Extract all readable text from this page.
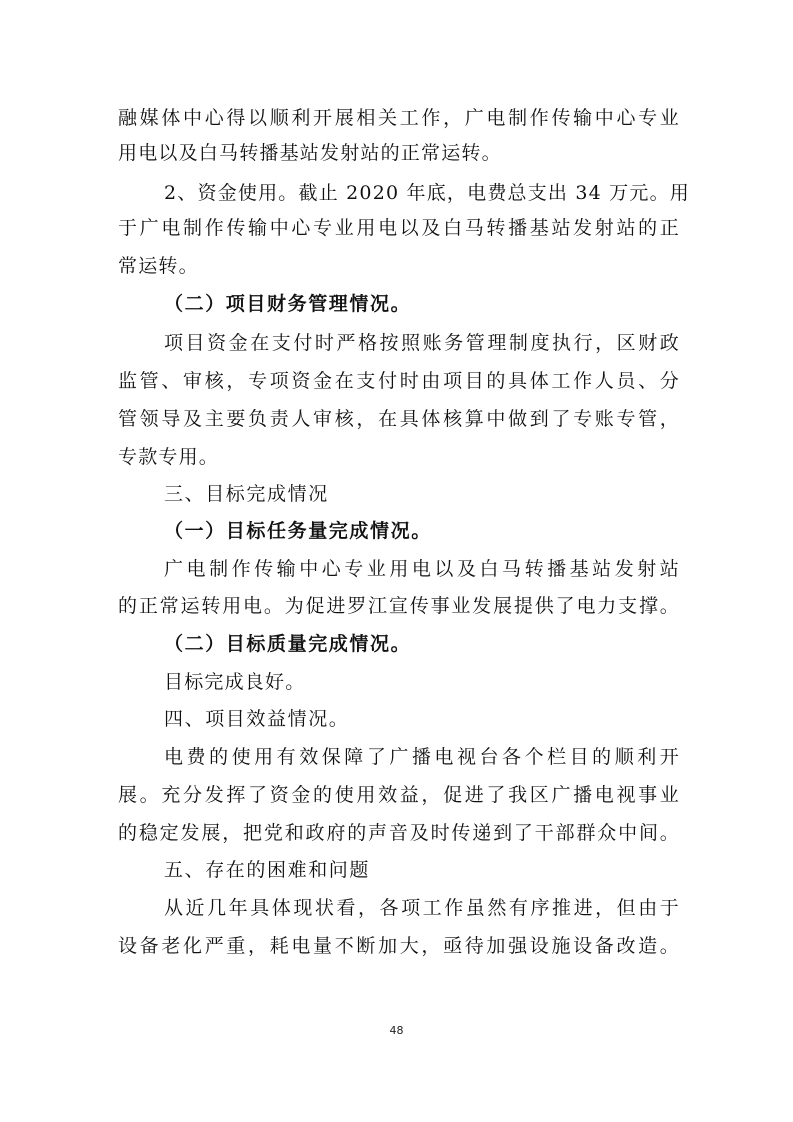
融媒体中心得以顺利开展相关工作，广电制作传输中心专业
用电以及白马转播基站发射站的正常运转。
2、资金使用。截止 2020 年底，电费总支出 34 万元。用
于广电制作传输中心专业用电以及白马转播基站发射站的正
常运转。
（二）项目财务管理情况。
项目资金在支付时严格按照账务管理制度执行，区财政
监管、审核，专项资金在支付时由项目的具体工作人员、分
管领导及主要负责人审核，在具体核算中做到了专账专管，
专款专用。
三、目标完成情况
（一）目标任务量完成情况。
广电制作传输中心专业用电以及白马转播基站发射站
的正常运转用电。为促进罗江宣传事业发展提供了电力支撑。
（二）目标质量完成情况。
目标完成良好。
四、项目效益情况。
电费的使用有效保障了广播电视台各个栏目的顺利开
展。充分发挥了资金的使用效益，促进了我区广播电视事业
的稳定发展，把党和政府的声音及时传递到了干部群众中间。
五、存在的困难和问题
从近几年具体现状看，各项工作虽然有序推进，但由于
设备老化严重，耗电量不断加大，亟待加强设施设备改造。
48
